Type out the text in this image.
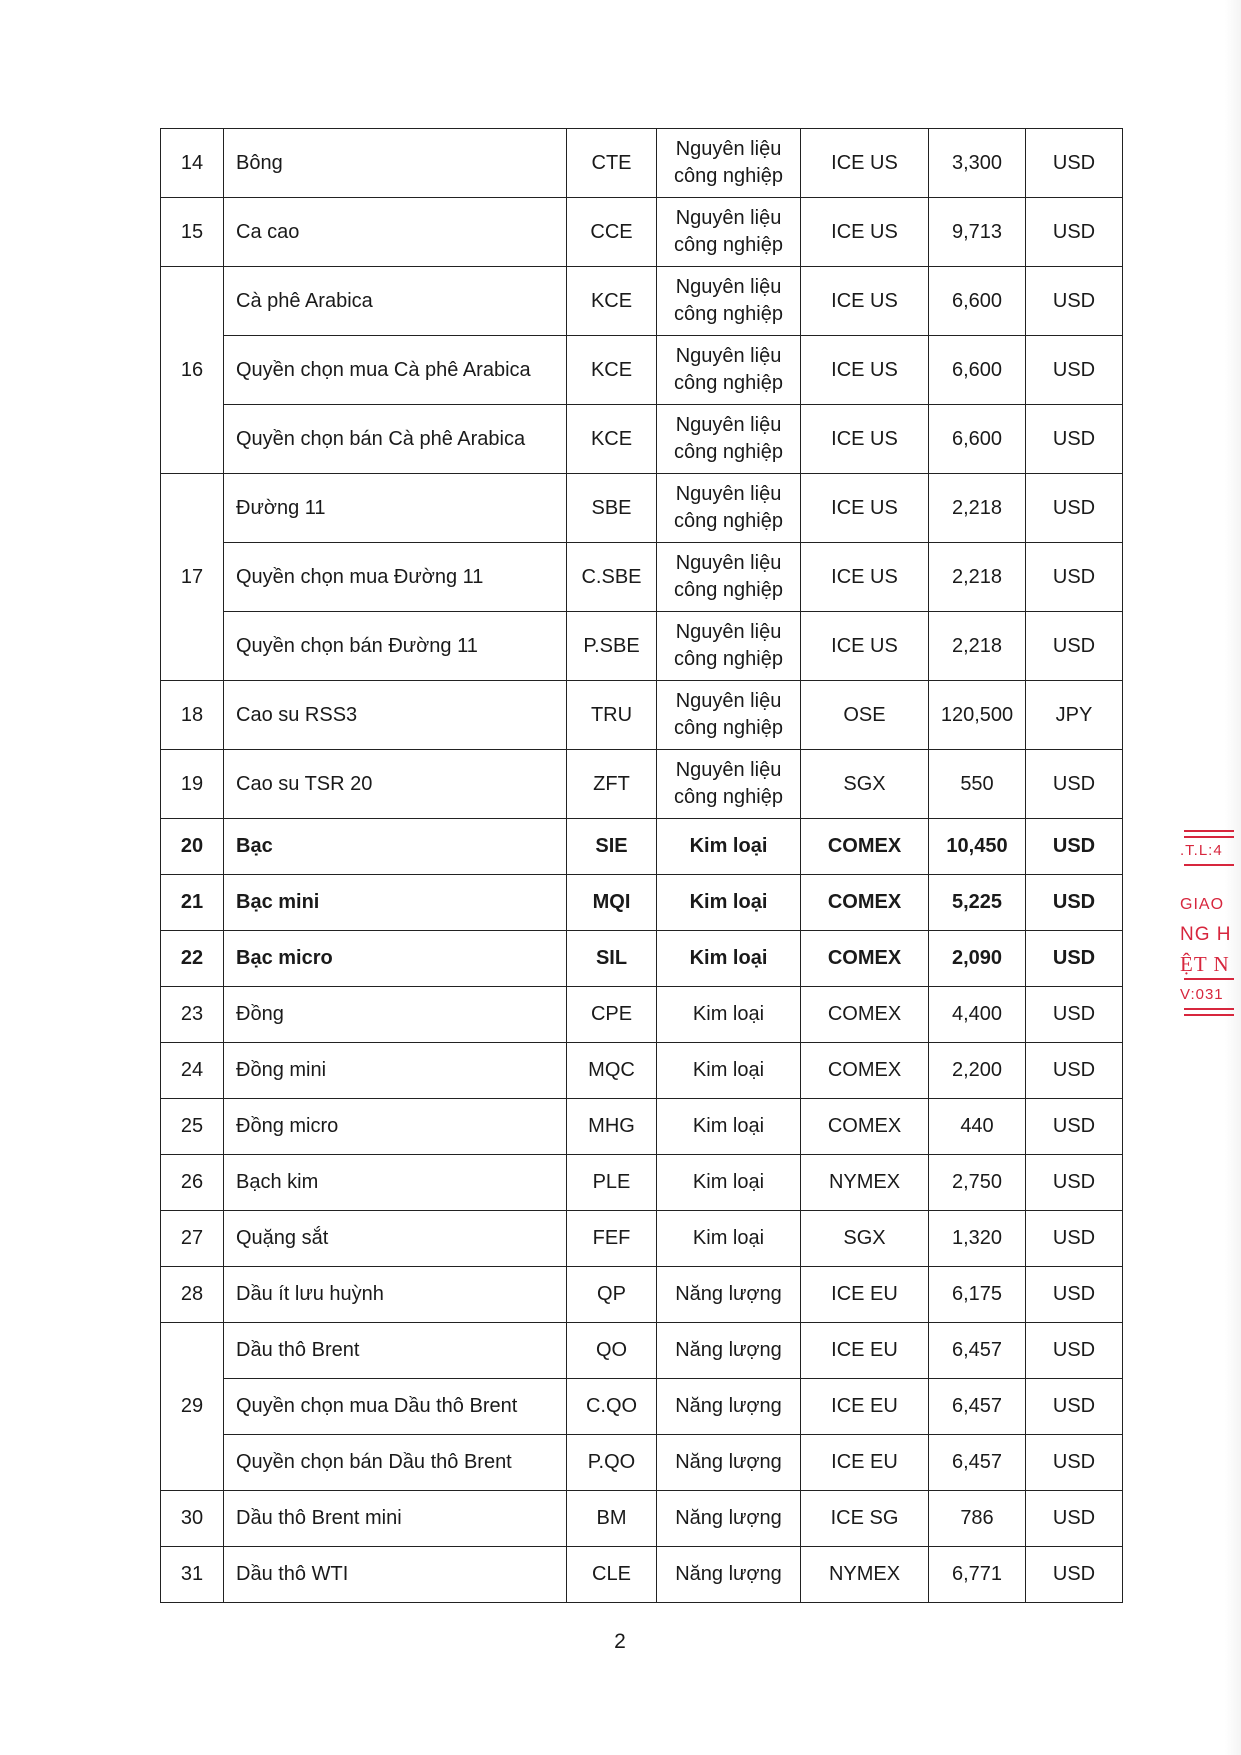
14	Bông	CTE	Nguyên liệu
công nghiệp	ICE US	3,300	USD
15	Ca cao	CCE	Nguyên liệu
công nghiệp	ICE US	9,713	USD
16	Cà phê Arabica	KCE	Nguyên liệu
công nghiệp	ICE US	6,600	USD
	Quyền chọn mua Cà phê Arabica	KCE	Nguyên liệu
công nghiệp	ICE US	6,600	USD
	Quyền chọn bán Cà phê Arabica	KCE	Nguyên liệu
công nghiệp	ICE US	6,600	USD
17	Đường 11	SBE	Nguyên liệu
công nghiệp	ICE US	2,218	USD
	Quyền chọn mua Đường 11	C.SBE	Nguyên liệu
công nghiệp	ICE US	2,218	USD
	Quyền chọn bán Đường 11	P.SBE	Nguyên liệu
công nghiệp	ICE US	2,218	USD
18	Cao su RSS3	TRU	Nguyên liệu
công nghiệp	OSE	120,500	JPY
19	Cao su TSR 20	ZFT	Nguyên liệu
công nghiệp	SGX	550	USD
20	Bạc	SIE	Kim loại	COMEX	10,450	USD
21	Bạc mini	MQI	Kim loại	COMEX	5,225	USD
22	Bạc micro	SIL	Kim loại	COMEX	2,090	USD
23	Đồng	CPE	Kim loại	COMEX	4,400	USD
24	Đồng mini	MQC	Kim loại	COMEX	2,200	USD
25	Đồng micro	MHG	Kim loại	COMEX	440	USD
26	Bạch kim	PLE	Kim loại	NYMEX	2,750	USD
27	Quặng sắt	FEF	Kim loại	SGX	1,320	USD
28	Dầu ít lưu huỳnh	QP	Năng lượng	ICE EU	6,175	USD
29	Dầu thô Brent	QO	Năng lượng	ICE EU	6,457	USD
	Quyền chọn mua Dầu thô Brent	C.QO	Năng lượng	ICE EU	6,457	USD
	Quyền chọn bán Dầu thô Brent	P.QO	Năng lượng	ICE EU	6,457	USD
30	Dầu thô Brent mini	BM	Năng lượng	ICE SG	786	USD
31	Dầu thô WTI	CLE	Năng lượng	NYMEX	6,771	USD
2
.T.L:4
GIAO
NG H
ỆT N
V:031
